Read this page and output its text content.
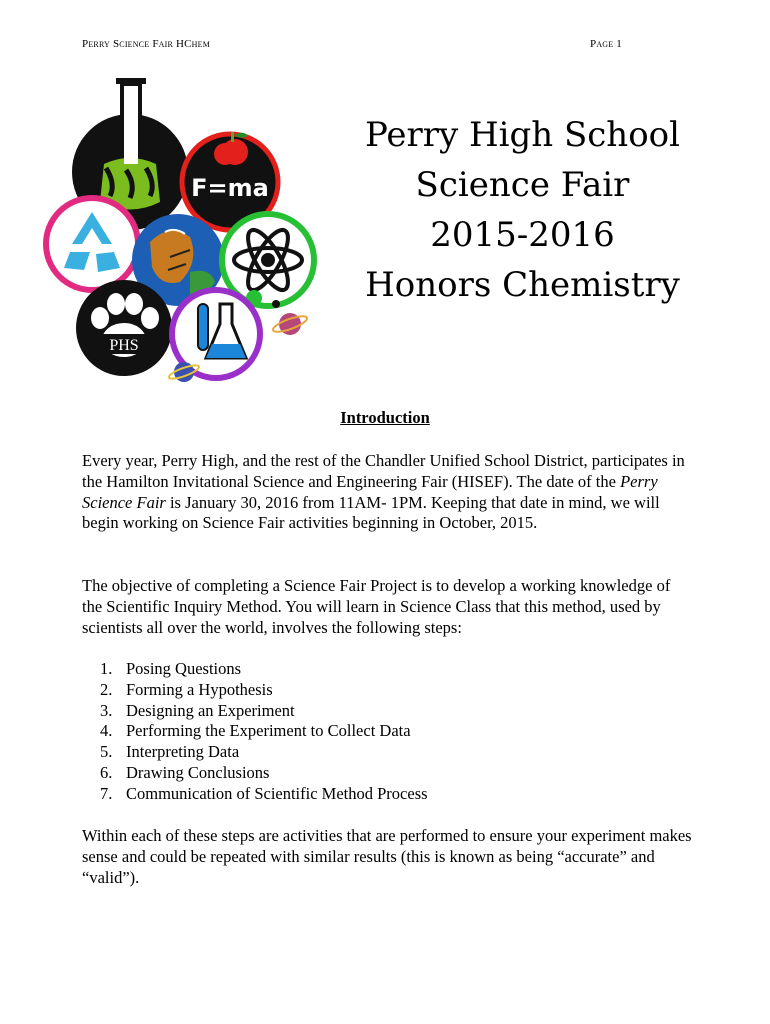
Perry Science Fair HChem	Page 1
F=ma
PHS
Perry High School
Science Fair
2015-2016
Honors Chemistry
Introduction
Every year, Perry High, and the rest of the Chandler Unified School District, participates in the Hamilton Invitational Science and Engineering Fair (HISEF). The date of the Perry Science Fair is January 30, 2016 from 11AM- 1PM. Keeping that date in mind, we will begin working on Science Fair activities beginning in October, 2015.
The objective of completing a Science Fair Project is to develop a working knowledge of the Scientific Inquiry Method. You will learn in Science Class that this method, used by scientists all over the world, involves the following steps:
1. Posing Questions
2. Forming a Hypothesis
3. Designing an Experiment
4. Performing the Experiment to Collect Data
5. Interpreting Data
6. Drawing Conclusions
7. Communication of Scientific Method Process
Within each of these steps are activities that are performed to ensure your experiment makes sense and could be repeated with similar results (this is known as being “accurate” and “valid”).
